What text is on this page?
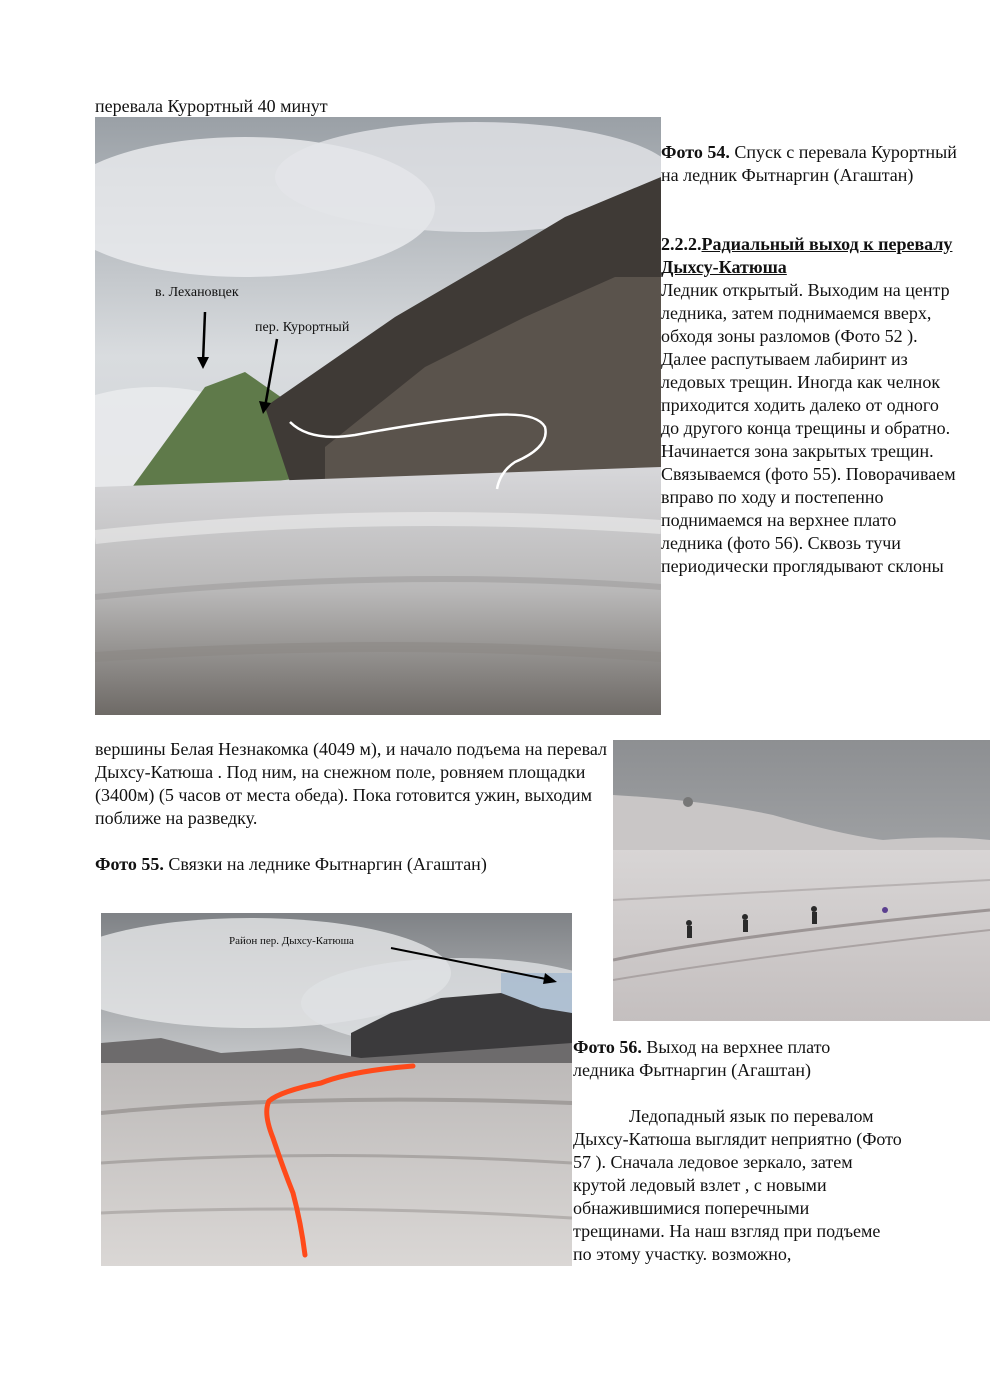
перевала Курортный 40 минут

в. Лехановцек
пер. Курортный

Фото 54. Спуск с перевала Курортный на ледник Фытнаргин (Агаштан)

2.2.2.Радиальный выход к перевалу Дыхсу-Катюша

Ледник открытый. Выходим на центр ледника, затем поднимаемся вверх, обходя зоны разломов (Фото 52 ). Далее распутываем лабиринт из ледовых трещин. Иногда как челнок приходится ходить далеко от одного до другого конца трещины и обратно. Начинается зона закрытых трещин. Связываемся (фото 55). Поворачиваем вправо по ходу и постепенно поднимаемся на верхнее плато ледника (фото 56). Сквозь тучи периодически проглядывают склоны

вершины Белая Незнакомка (4049 м), и начало подъема на перевал Дыхсу-Катюша . Под ним, на снежном поле, ровняем площадки (3400м) (5 часов от места обеда). Пока готовится ужин, выходим поближе на разведку.

Фото 55. Связки на леднике Фытнаргин (Агаштан)

Район пер. Дыхсу-Катюша

Фото 56. Выход на верхнее плато ледника Фытнаргин (Агаштан)

Ледопадный язык по перевалом Дыхсу-Катюша выглядит неприятно (Фото 57 ). Сначала ледовое зеркало, затем крутой ледовый взлет , с новыми обнажившимися поперечными трещинами. На наш взгляд при подъеме по этому участку. возможно,
